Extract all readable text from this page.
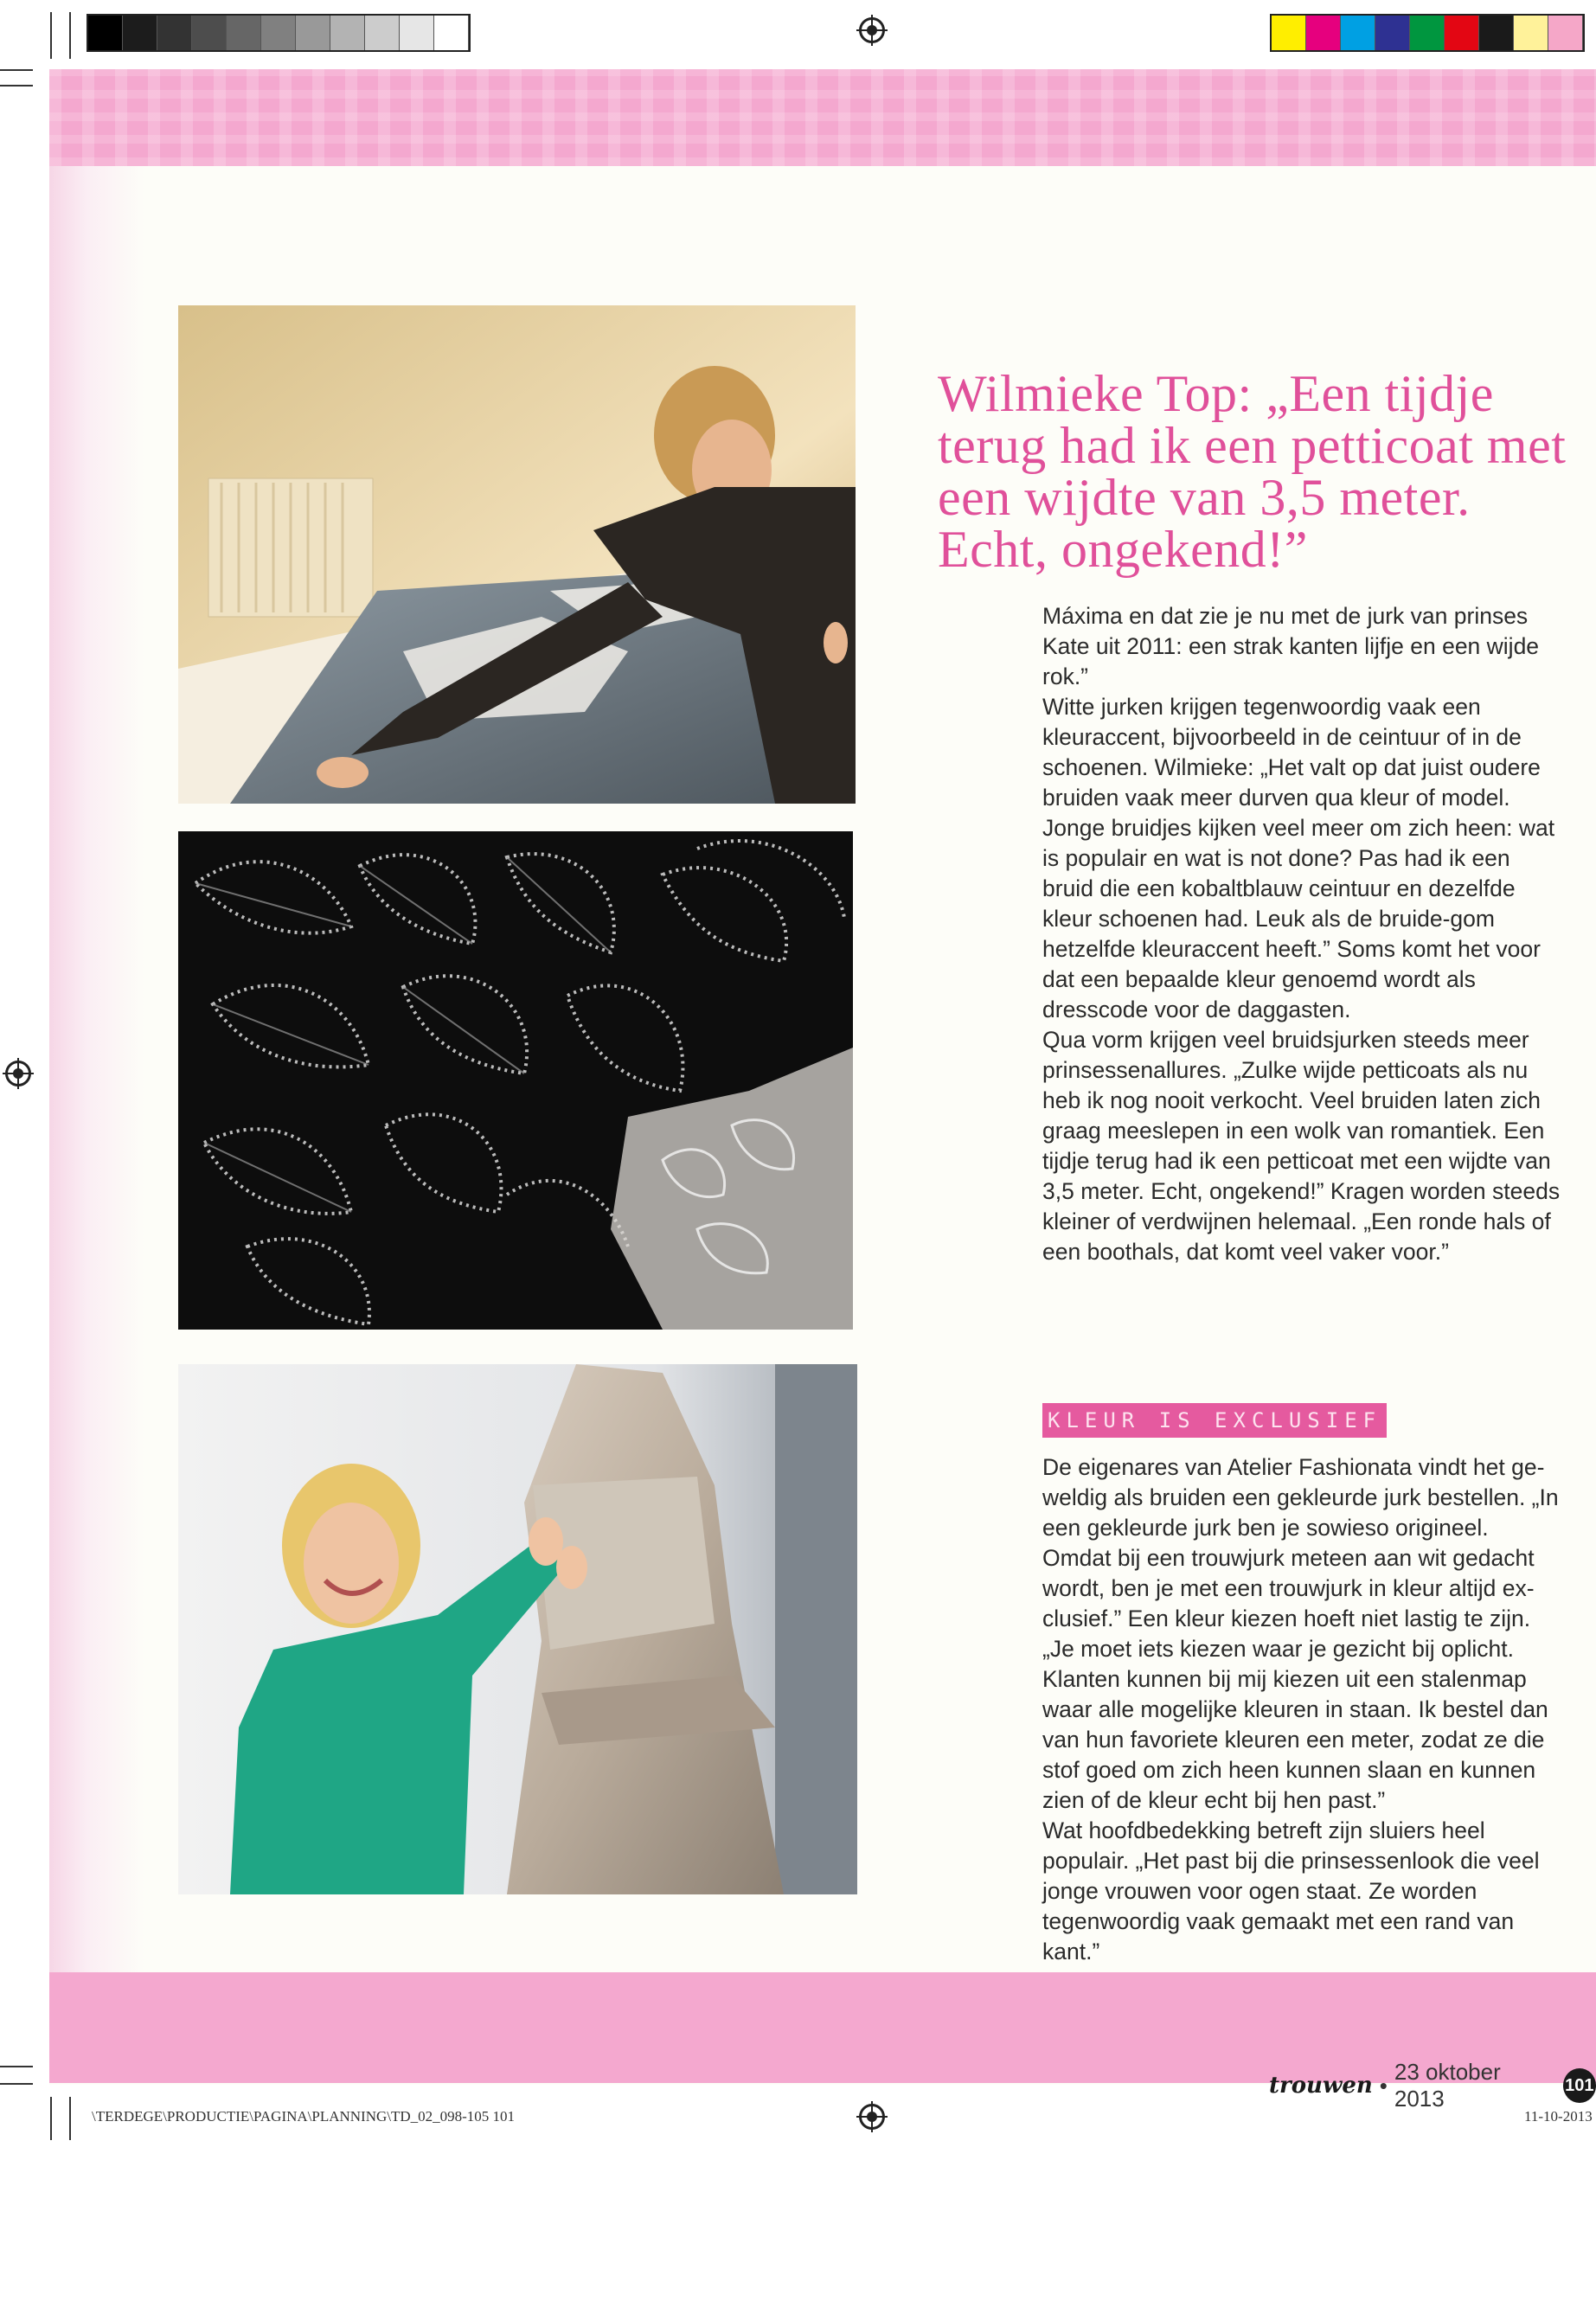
Wilmieke Top: „Een tijdje terug had ik een petticoat met een wijdte van 3,5 meter. Echt, ongekend!”

Máxima en dat zie je nu met de jurk van prinses Kate uit 2011: een strak kanten lijfje en een wijde rok.”

Witte jurken krijgen tegenwoordig vaak een kleuraccent, bijvoorbeeld in de ceintuur of in de schoenen. Wilmieke: „Het valt op dat juist oudere bruiden vaak meer durven qua kleur of model. Jonge bruidjes kijken veel meer om zich heen: wat is populair en wat is not done? Pas had ik een bruid die een kobaltblauw ceintuur en dezelfde kleur schoenen had. Leuk als de bruide-gom hetzelfde kleuraccent heeft.” Soms komt het voor dat een bepaalde kleur genoemd wordt als dresscode voor de daggasten.

Qua vorm krijgen veel bruidsjurken steeds meer prinsessenallures. „Zulke wijde petticoats als nu heb ik nog nooit verkocht. Veel bruiden laten zich graag meeslepen in een wolk van romantiek. Een tijdje terug had ik een petticoat met een wijdte van 3,5 meter. Echt, ongekend!” Kragen worden steeds kleiner of verdwijnen helemaal. „Een ronde hals of een boothals, dat komt veel vaker voor.”

KLEUR IS EXCLUSIEF

De eigenares van Atelier Fashionata vindt het ge-weldig als bruiden een gekleurde jurk bestellen. „In een gekleurde jurk ben je sowieso origineel. Omdat bij een trouwjurk meteen aan wit gedacht wordt, ben je met een trouwjurk in kleur altijd ex-clusief.” Een kleur kiezen hoeft niet lastig te zijn. „Je moet iets kiezen waar je gezicht bij oplicht. Klanten kunnen bij mij kiezen uit een stalenmap waar alle mogelijke kleuren in staan. Ik bestel dan van hun favoriete kleuren een meter, zodat ze die stof goed om zich heen kunnen slaan en kunnen zien of de kleur echt bij hen past.”

Wat hoofdbedekking betreft zijn sluiers heel populair. „Het past bij die prinsessenlook die veel jonge vrouwen voor ogen staat. Ze worden tegenwoordig vaak gemaakt met een rand van kant.”

trouwen •
23 oktober 2013
101
\TERDEGE\PRODUCTIE\PAGINA\PLANNING\TD_02_098-105 101	11-10-2013
